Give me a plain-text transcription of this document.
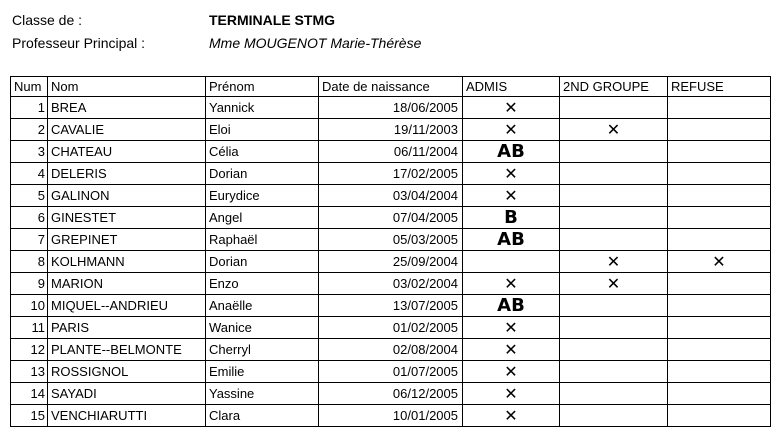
Classe de :	TERMINALE STMG
Professeur Principal :	Mme MOUGENOT Marie-Thérèse
Num	Nom	Prénom	Date de naissance	ADMIS	2ND GROUPE	REFUSE
1	BREA	Yannick	18/06/2005	✕		
2	CAVALIE	Eloi	19/11/2003	✕	✕	
3	CHATEAU	Célia	06/11/2004	AB		
4	DELERIS	Dorian	17/02/2005	✕		
5	GALINON	Eurydice	03/04/2004	✕		
6	GINESTET	Angel	07/04/2005	B		
7	GREPINET	Raphaël	05/03/2005	AB		
8	KOLHMANN	Dorian	25/09/2004		✕	✕
9	MARION	Enzo	03/02/2004	✕	✕	
10	MIQUEL--ANDRIEU	Anaëlle	13/07/2005	AB		
11	PARIS	Wanice	01/02/2005	✕		
12	PLANTE--BELMONTE	Cherryl	02/08/2004	✕		
13	ROSSIGNOL	Emilie	01/07/2005	✕		
14	SAYADI	Yassine	06/12/2005	✕		
15	VENCHIARUTTI	Clara	10/01/2005	✕		
